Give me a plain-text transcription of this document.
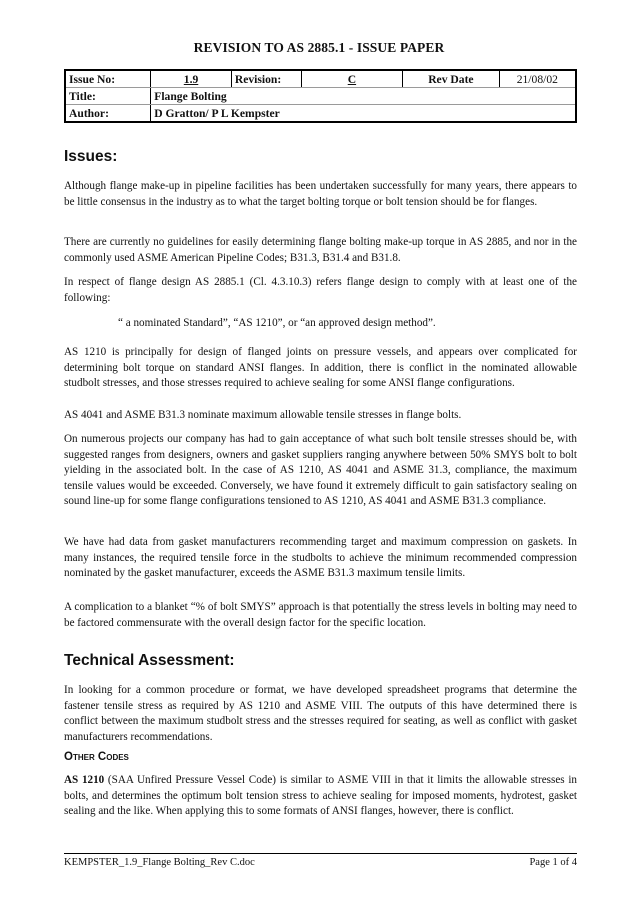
REVISION TO AS 2885.1 - ISSUE PAPER
Issue No:	1.9	Revision:	C	Rev Date	21/08/02
Title:	Flange Bolting				
Author:	D Gratton/ P L Kempster				
Issues:

Although flange make-up in pipeline facilities has been undertaken successfully for many years, there appears to be little consensus in the industry as to what the target bolting torque or bolt tension should be for flanges.

There are currently no guidelines for easily determining flange bolting make-up torque in AS 2885, and nor in the commonly used ASME American Pipeline Codes; B31.3, B31.4 and B31.8.

In respect of flange design AS 2885.1 (Cl. 4.3.10.3) refers flange design to comply with at least one of the following:

“ a nominated Standard”, “AS 1210”, or “an approved design method”.

AS 1210 is principally for design of flanged joints on pressure vessels, and appears over complicated for determining bolt torque on standard ANSI flanges. In addition, there is conflict in the nominated allowable studbolt stresses, and those stresses required to achieve sealing for some ANSI flange configurations.

AS 4041 and ASME B31.3 nominate maximum allowable tensile stresses in flange bolts.

On numerous projects our company has had to gain acceptance of what such bolt tensile stresses should be, with suggested ranges from designers, owners and gasket suppliers ranging anywhere between 50% SMYS bolt to bolt yielding in the associated bolt. In the case of AS 1210, AS 4041 and ASME 31.3, compliance, the maximum tensile values would be exceeded. Conversely, we have found it extremely difficult to gain satisfactory sealing on sound line-up for some flange configurations tensioned to AS 1210, AS 4041 and ASME B31.3 compliance.

We have had data from gasket manufacturers recommending target and maximum compression on gaskets. In many instances, the required tensile force in the studbolts to achieve the minimum recommended compression nominated by the gasket manufacturer, exceeds the ASME B31.3 maximum tensile limits.

A complication to a blanket “% of bolt SMYS” approach is that potentially the stress levels in bolting may need to be factored commensurate with the overall design factor for the specific location.

Technical Assessment:

In looking for a common procedure or format, we have developed spreadsheet programs that determine the fastener tensile stress as required by AS 1210 and ASME VIII. The outputs of this have determined there is conflict between the maximum studbolt stress and the stresses required for seating, as well as conflict with gasket manufacturers recommendations.

Other Codes

AS 1210 (SAA Unfired Pressure Vessel Code) is similar to ASME VIII in that it limits the allowable stresses in bolts, and determines the optimum bolt tension stress to achieve sealing for imposed moments, hydrotest, gasket sealing and the like. When applying this to some formats of ANSI flanges, however, there is conflict.

KEMPSTER_1.9_Flange Bolting_Rev C.doc	Page 1 of 4
